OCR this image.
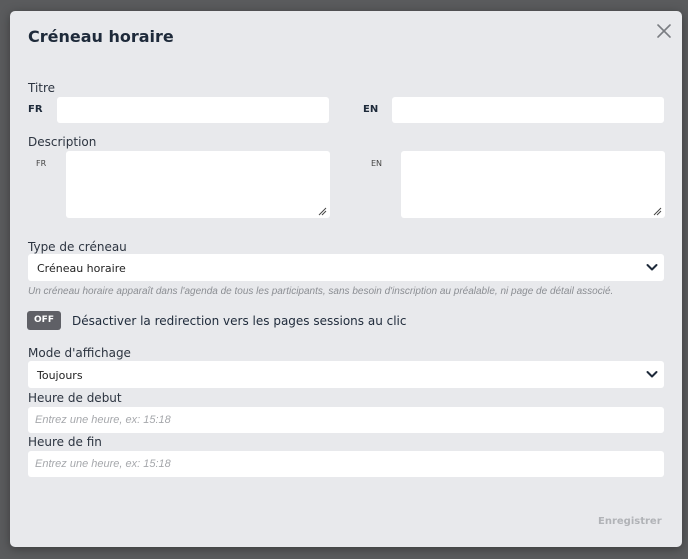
Créneau horaire
Titre
FR	EN
Description
FR	EN
Type de créneau
Créneau horaire
Un créneau horaire apparaît dans l'agenda de tous les participants, sans besoin d'inscription au préalable, ni page de détail associé.
OFF	Désactiver la redirection vers les pages sessions au clic
Mode d'affichage
Toujours
Heure de debut
Entrez une heure, ex: 15:18
Heure de fin
Entrez une heure, ex: 15:18
Enregistrer
